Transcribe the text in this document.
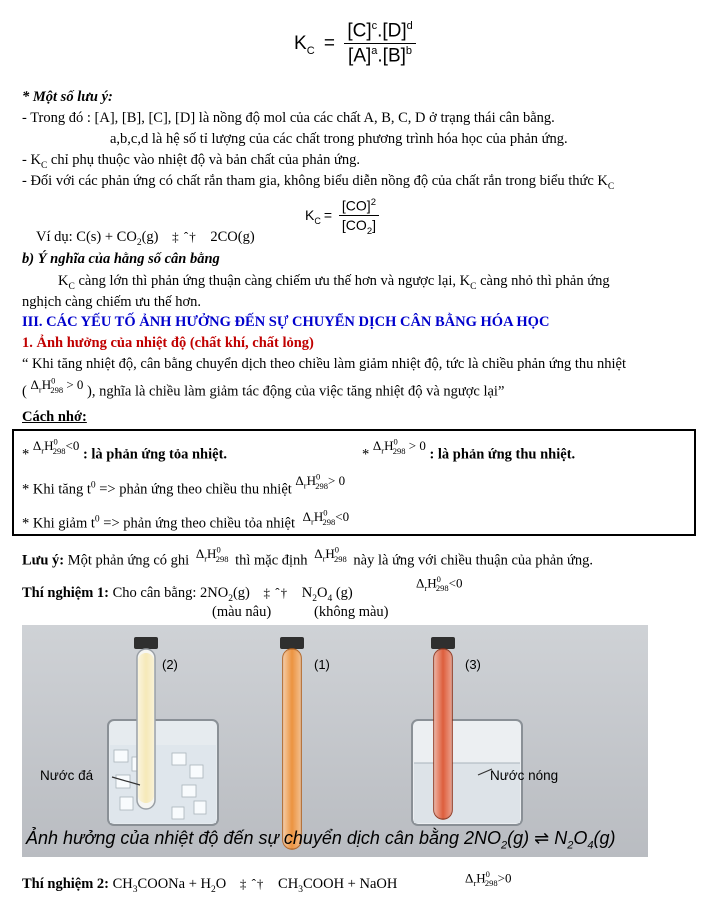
$K_C = \frac{[C]^c.[D]^d}{[A]^a.[B]^b}$
* Một số lưu ý:
- Trong đó : [A], [B], [C], [D] là nồng độ mol của các chất A, B, C, D ở trạng thái cân bằng.
a,b,c,d là hệ số tỉ lượng của các chất trong phương trình hóa học của phản ứng.
- $K_C$ chỉ phụ thuộc vào nhiệt độ và bản chất của phản ứng.
- Đối với các phản ứng có chất rắn tham gia, không biểu diễn nồng độ của chất rắn trong biểu thức $K_C$
Ví dụ: $C(s) + CO_2(g)$ ‡ ˆ† 2CO(g)
$K_C = \frac{[CO]^2}{[CO_2]}$
b) Ý nghĩa của hằng số cân bằng
$K_C$ càng lớn thì phản ứng thuận càng chiếm ưu thế hơn và ngược lại, $K_C$ càng nhỏ thì phản ứng
nghịch càng chiếm ưu thế hơn.
III. CÁC YẾU TỐ ẢNH HƯỞNG ĐẾN SỰ CHUYỂN DỊCH CÂN BẰNG HÓA HỌC
1. Ảnh hưởng của nhiệt độ (chất khí, chất lỏng)
“ Khi tăng nhiệt độ, cân bằng chuyển dịch theo chiều làm giảm nhiệt độ, tức là chiều phản ứng thu nhiệt
( $\Delta_rH^0_{298} > 0$ ), nghĩa là chiều làm giảm tác động của việc tăng nhiệt độ và ngược lại”
Cách nhớ:
* $\Delta_rH^0_{298}<0$ : là phản ứng tỏa nhiệt.	* $\Delta_rH^0_{298} > 0$ : là phản ứng thu nhiệt.
* Khi tăng $t^0$ => phản ứng theo chiều thu nhiệt $\Delta_rH^0_{298}> 0$
* Khi giảm $t^0$ => phản ứng theo chiều tỏa nhiệt $\Delta_rH^0_{298}<0$
Lưu ý: Một phản ứng có ghi $\Delta_rH^0_{298}$ thì mặc định $\Delta_rH^0_{298}$ này là ứng với chiều thuận của phản ứng.
Thí nghiệm 1: Cho cân bằng: $2NO_2(g)$ ‡ ˆ† $N_2O_4$ (g)
$\Delta_rH^0_{298}<0$
(màu nâu)	(không màu)
(2)	(1)	(3)
Nước đá	Nước nóng
Ảnh hưởng của nhiệt độ đến sự chuyển dịch cân bằng $2NO_2(g)$ ⇌ $N_2O_4(g)$
Thí nghiệm 2: $CH_3COONa + H_2O$ ‡ ˆ† $CH_3COOH$ + NaOH	$\Delta_rH^0_{298}>0$
